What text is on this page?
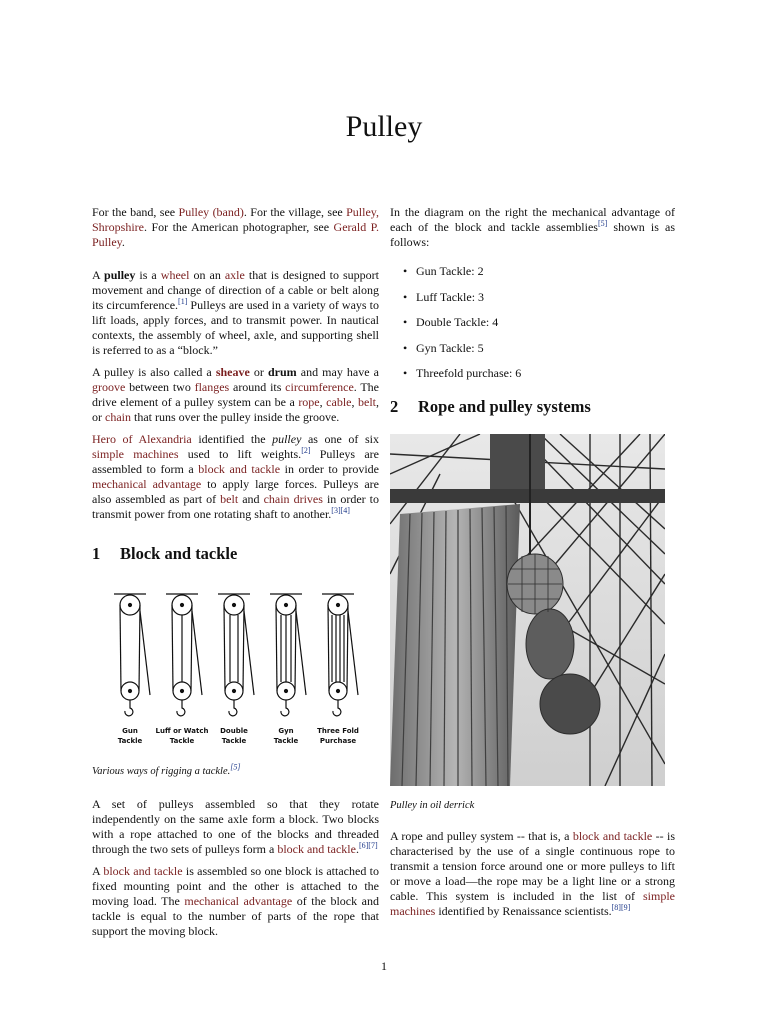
Pulley

For the band, see Pulley (band). For the village, see Pulley, Shropshire. For the American photographer, see Gerald P. Pulley.

A pulley is a wheel on an axle that is designed to support movement and change of direction of a cable or belt along its circumference.[1] Pulleys are used in a variety of ways to lift loads, apply forces, and to transmit power. In nautical contexts, the assembly of wheel, axle, and supporting shell is referred to as a “block.”

A pulley is also called a sheave or drum and may have a groove between two flanges around its circumference. The drive element of a pulley system can be a rope, cable, belt, or chain that runs over the pulley inside the groove.

Hero of Alexandria identified the pulley as one of six simple machines used to lift weights.[2] Pulleys are assembled to form a block and tackle in order to provide mechanical advantage to apply large forces. Pulleys are also assembled as part of belt and chain drives in order to transmit power from one rotating shaft to another.[3][4]

1 Block and tackle
Gun
Tackle
Luff or Watch
Tackle
Double
Tackle
Gyn
Tackle
Three Fold
Purchase

Various ways of rigging a tackle.[5]

A set of pulleys assembled so that they rotate independently on the same axle form a block. Two blocks with a rope attached to one of the blocks and threaded through the two sets of pulleys form a block and tackle.[6][7]

A block and tackle is assembled so one block is attached to fixed mounting point and the other is attached to the moving load. The mechanical advantage of the block and tackle is equal to the number of parts of the rope that support the moving block.

In the diagram on the right the mechanical advantage of each of the block and tackle assemblies[5] shown is as follows:

• Gun Tackle: 2
• Luff Tackle: 3
• Double Tackle: 4
• Gyn Tackle: 5
• Threefold purchase: 6
2 Rope and pulley systems

Pulley in oil derrick

A rope and pulley system -- that is, a block and tackle -- is characterised by the use of a single continuous rope to transmit a tension force around one or more pulleys to lift or move a load—the rope may be a light line or a strong cable. This system is included in the list of simple machines identified by Renaissance scientists.[8][9]

1
